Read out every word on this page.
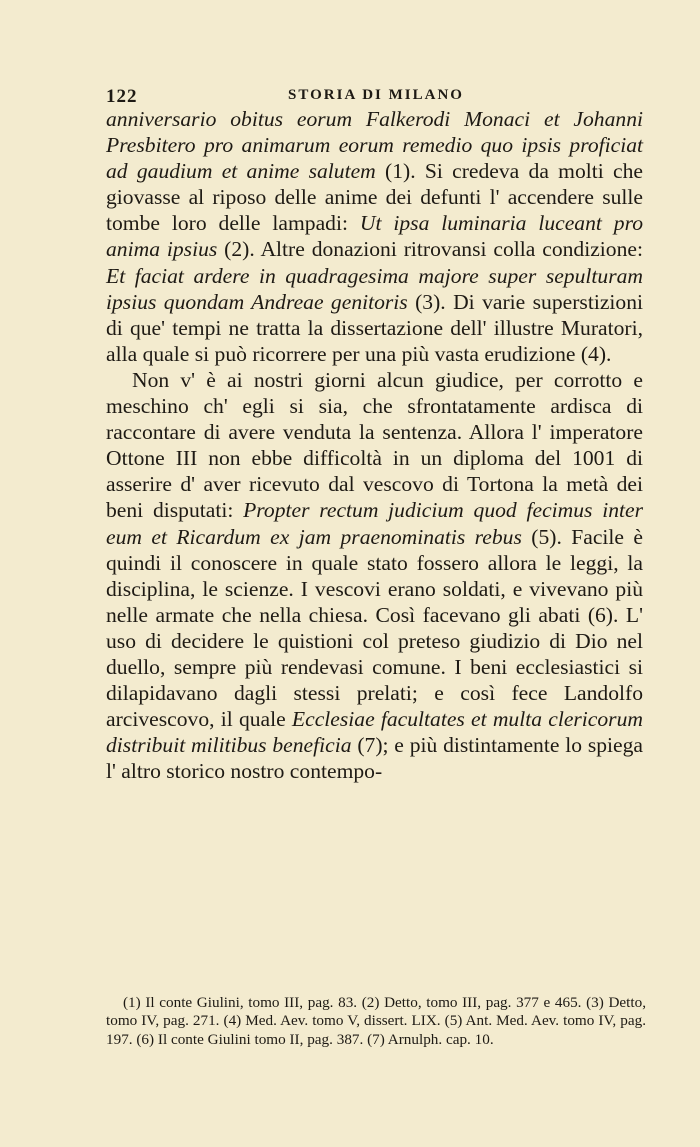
122	STORIA DI MILANO

anniversario obitus eorum Falkerodi Monaci et Johanni Presbitero pro animarum eorum remedio quo ipsis proficiat ad gaudium et anime salutem (1). Si credeva da molti che giovasse al riposo delle anime dei defunti l' accendere sulle tombe loro delle lampadi: Ut ipsa luminaria luceant pro anima ipsius (2). Altre donazioni ritrovansi colla condizione: Et faciat ardere in quadragesima majore super sepulturam ipsius quondam Andreae genitoris (3). Di varie superstizioni di que' tempi ne tratta la dissertazione dell' illustre Muratori, alla quale si può ricorrere per una più vasta erudizione (4).

Non v' è ai nostri giorni alcun giudice, per corrotto e meschino ch' egli si sia, che sfrontatamente ardisca di raccontare di avere venduta la sentenza. Allora l' imperatore Ottone III non ebbe difficoltà in un diploma del 1001 di asserire d' aver ricevuto dal vescovo di Tortona la metà dei beni disputati: Propter rectum judicium quod fecimus inter eum et Ricardum ex jam praenominatis rebus (5). Facile è quindi il conoscere in quale stato fossero allora le leggi, la disciplina, le scienze. I vescovi erano soldati, e vivevano più nelle armate che nella chiesa. Così facevano gli abati (6). L' uso di decidere le quistioni col preteso giudizio di Dio nel duello, sempre più rendevasi comune. I beni ecclesiastici si dilapidavano dagli stessi prelati; e così fece Landolfo arcivescovo, il quale Ecclesiae facultates et multa clericorum distribuit militibus beneficia (7); e più distintamente lo spiega l' altro storico nostro contempo-

(1) Il conte Giulini, tomo III, pag. 83. (2) Detto, tomo III, pag. 377 e 465. (3) Detto, tomo IV, pag. 271. (4) Med. Aev. tomo V, dissert. LIX. (5) Ant. Med. Aev. tomo IV, pag. 197. (6) Il conte Giulini tomo II, pag. 387. (7) Arnulph. cap. 10.
